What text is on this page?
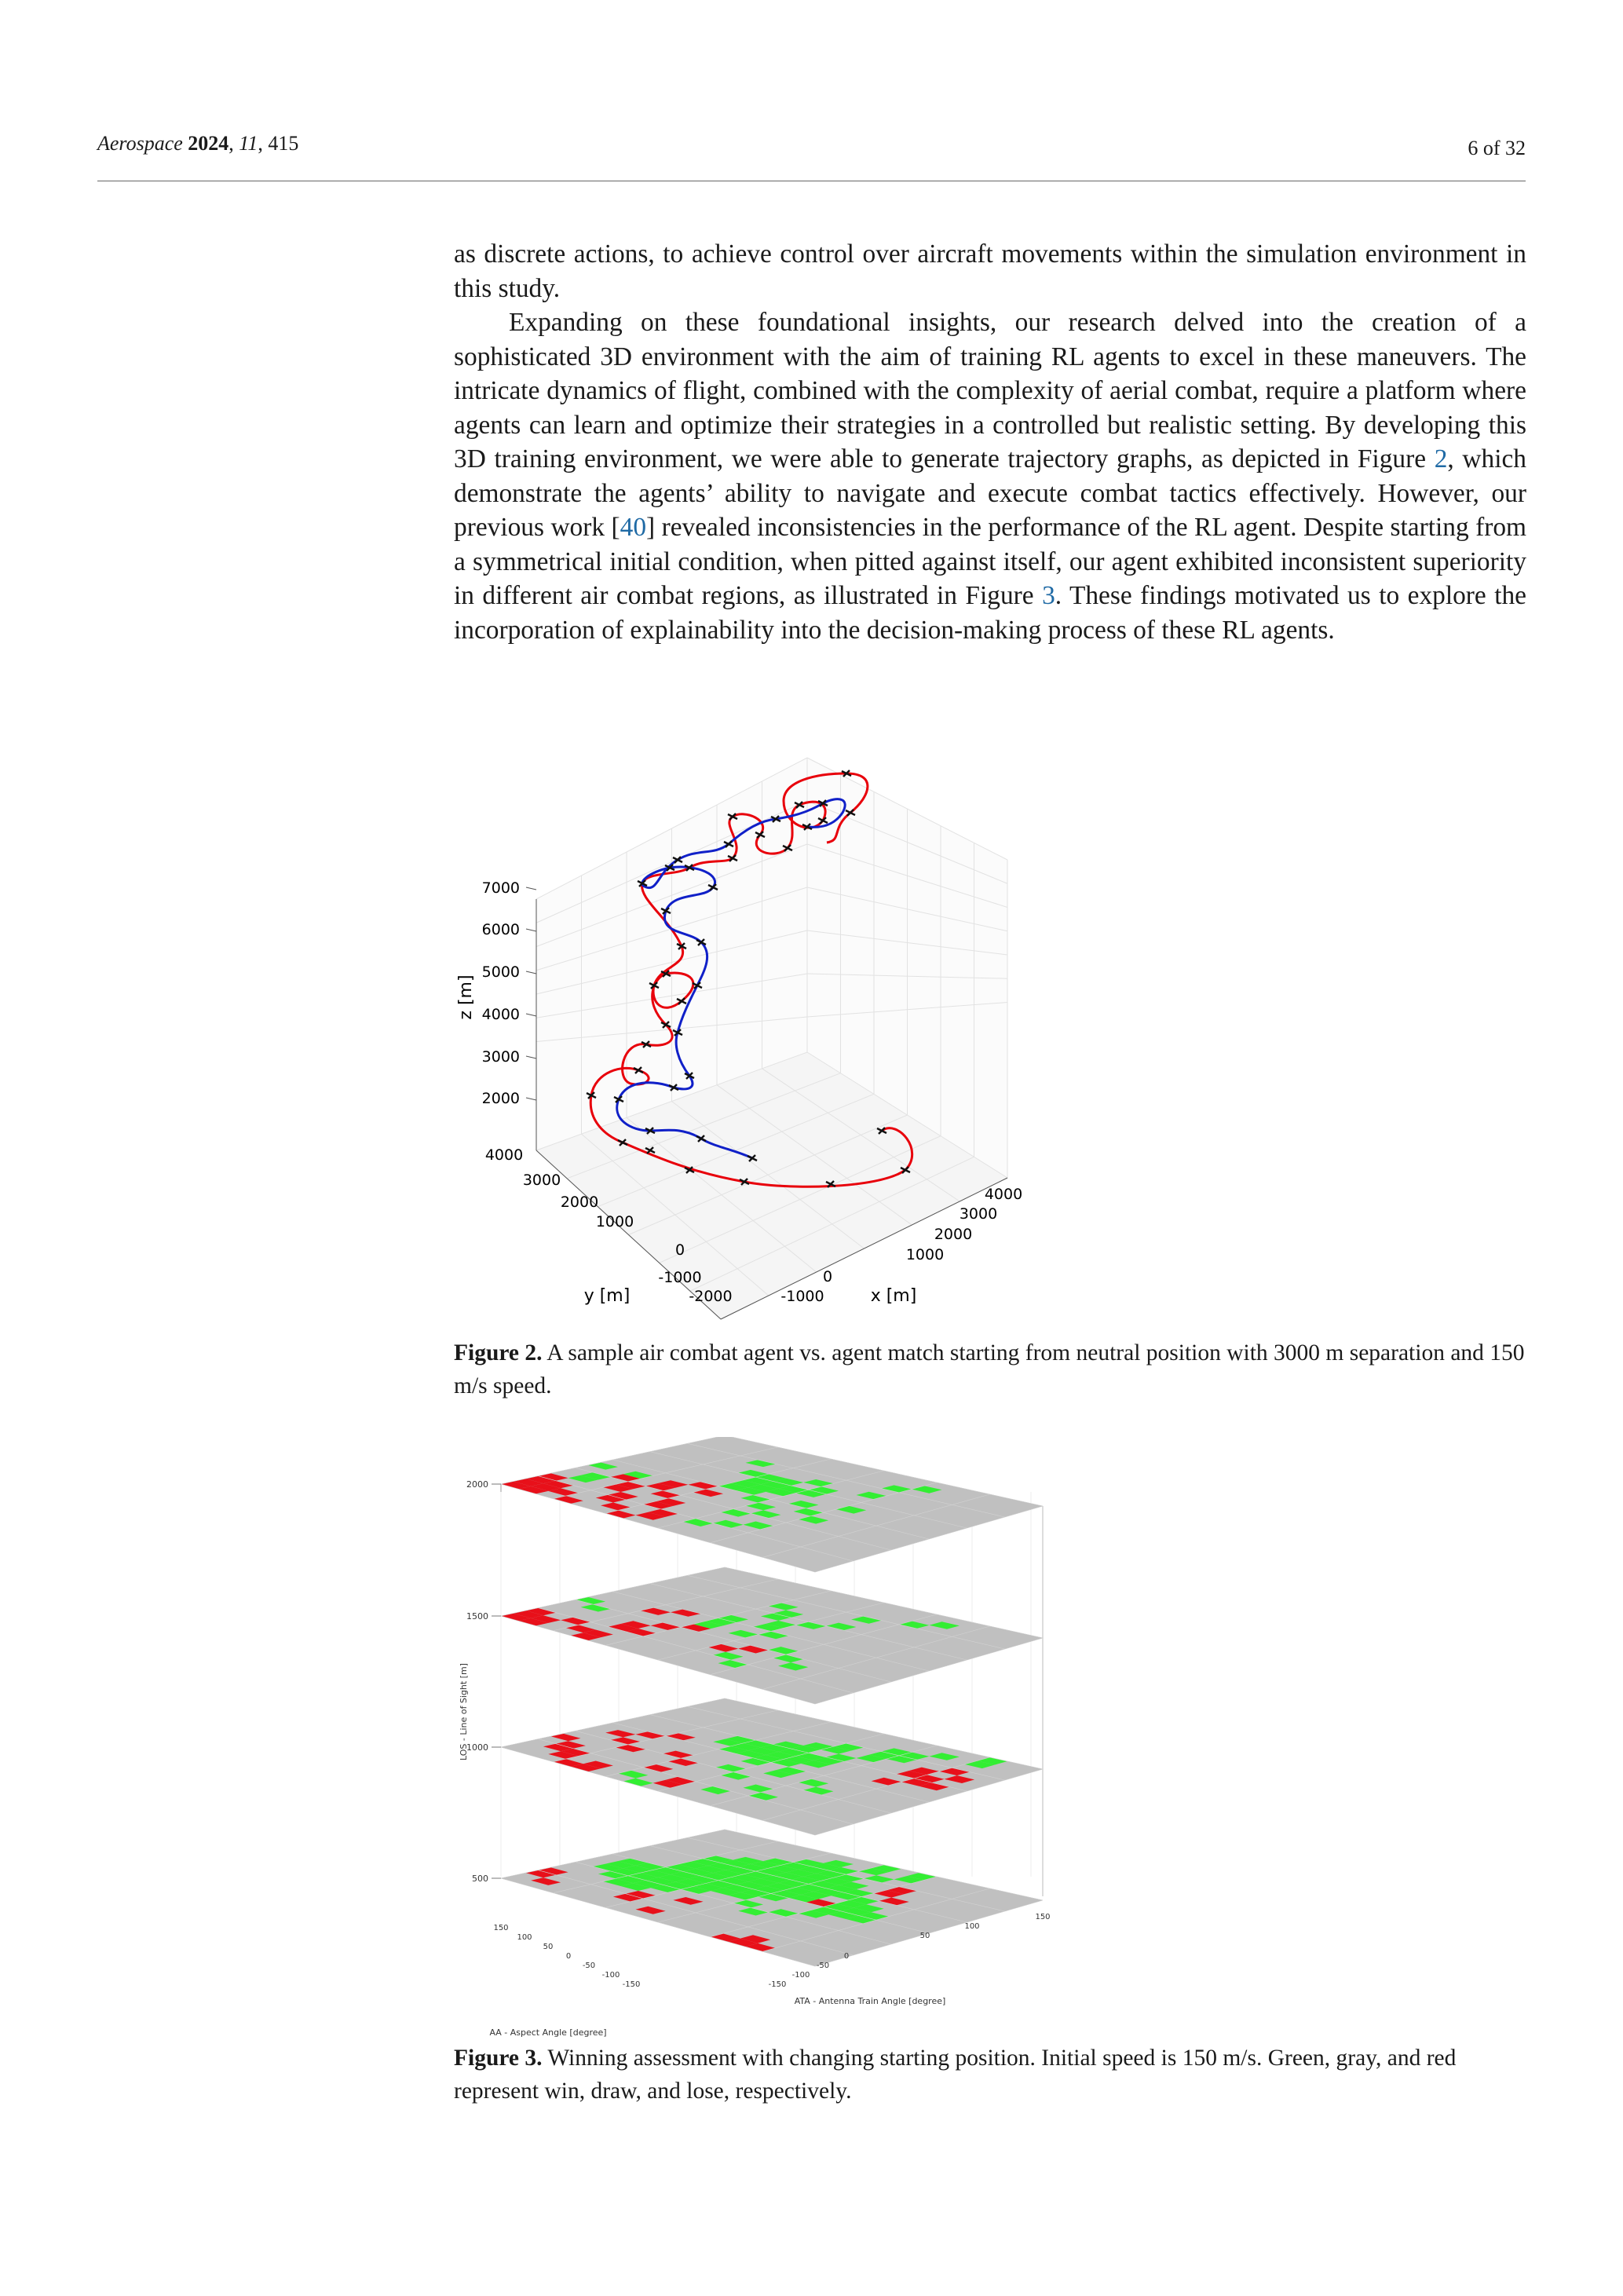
Aerospace 2024, 11, 415	6 of 32

as discrete actions, to achieve control over aircraft movements within the simulation environment in this study.

Expanding on these foundational insights, our research delved into the creation of a sophisticated 3D environment with the aim of training RL agents to excel in these maneuvers. The intricate dynamics of flight, combined with the complexity of aerial combat, require a platform where agents can learn and optimize their strategies in a controlled but realistic setting. By developing this 3D training environment, we were able to generate trajectory graphs, as depicted in Figure 2, which demonstrate the agents’ ability to navigate and execute combat tactics effectively. However, our previous work [40] revealed inconsistencies in the performance of the RL agent. Despite starting from a symmetrical initial condition, when pitted against itself, our agent exhibited inconsistent superiority in different air combat regions, as illustrated in Figure 3. These findings motivated us to explore the incorporation of explainability into the decision-making process of these RL agents.

7000
6000
5000
4000
3000
2000
4000
3000
2000
1000
0
-1000
-2000
4000
3000
2000
1000
0
-1000
z [m]
y [m]	x [m]
Figure 2. A sample air combat agent vs. agent match starting from neutral position with 3000 m separation and 150 m/s speed.
2000
1500
1000
500
LOS - Line of Sight [m]
150
100
50
0
-50
-100
-150	-150
-100
-50
0
50
100
150
AA - Aspect Angle [degree]
ATA - Antenna Train Angle [degree]
Figure 3. Winning assessment with changing starting position. Initial speed is 150 m/s. Green, gray, and red represent win, draw, and lose, respectively.
